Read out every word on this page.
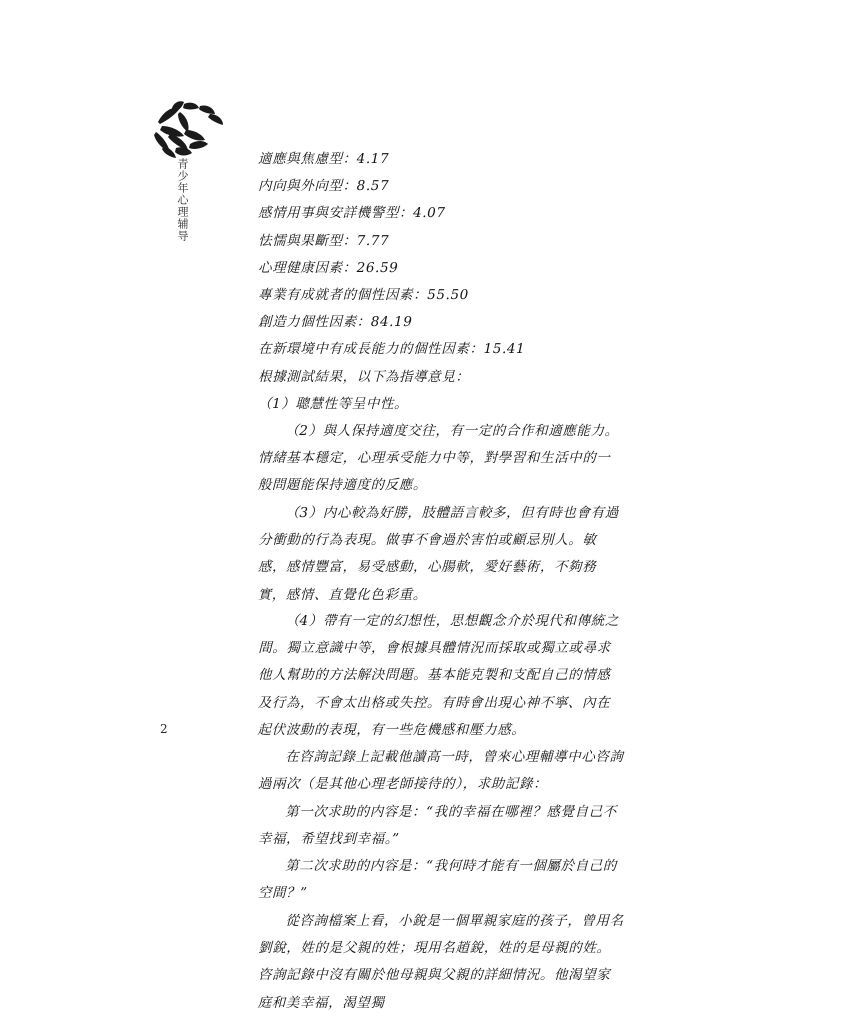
青少年心理辅导
2
適應與焦慮型：4.17
内向與外向型：8.57
感情用事與安詳機警型：4.07
怯懦與果斷型：7.77
心理健康因素：26.59
專業有成就者的個性因素：55.50
創造力個性因素：84.19
在新環境中有成長能力的個性因素：15.41
根據測試結果，以下為指導意見：
（1）聰慧性等呈中性。
（2）與人保持適度交往，有一定的合作和適應能力。情緒基本穩定，心理承受能力中等，對學習和生活中的一般問題能保持適度的反應。
（3）内心較為好勝，肢體語言較多，但有時也會有過分衝動的行為表現。做事不會過於害怕或顧忌別人。敏感，感情豐富，易受感動，心腸軟，愛好藝術，不夠務實，感情、直覺化色彩重。
（4）帶有一定的幻想性，思想觀念介於現代和傳統之間。獨立意識中等，會根據具體情況而採取或獨立或尋求他人幫助的方法解決問題。基本能克製和支配自己的情感及行為，不會太出格或失控。有時會出現心神不寧、內在起伏波動的表現，有一些危機感和壓力感。
在咨詢記錄上記載他讀高一時，曾來心理輔導中心咨詢過兩次（是其他心理老師接待的），求助記錄：
第一次求助的内容是：“我的幸福在哪裡？感覺自己不幸福，希望找到幸福。”
第二次求助的内容是：“我何時才能有一個屬於自己的空間？”
從咨詢檔案上看，小銳是一個單親家庭的孩子，曾用名劉銳，姓的是父親的姓；現用名趙銳，姓的是母親的姓。咨詢記錄中沒有關於他母親與父親的詳細情況。他渴望家庭和美幸福，渴望獨
